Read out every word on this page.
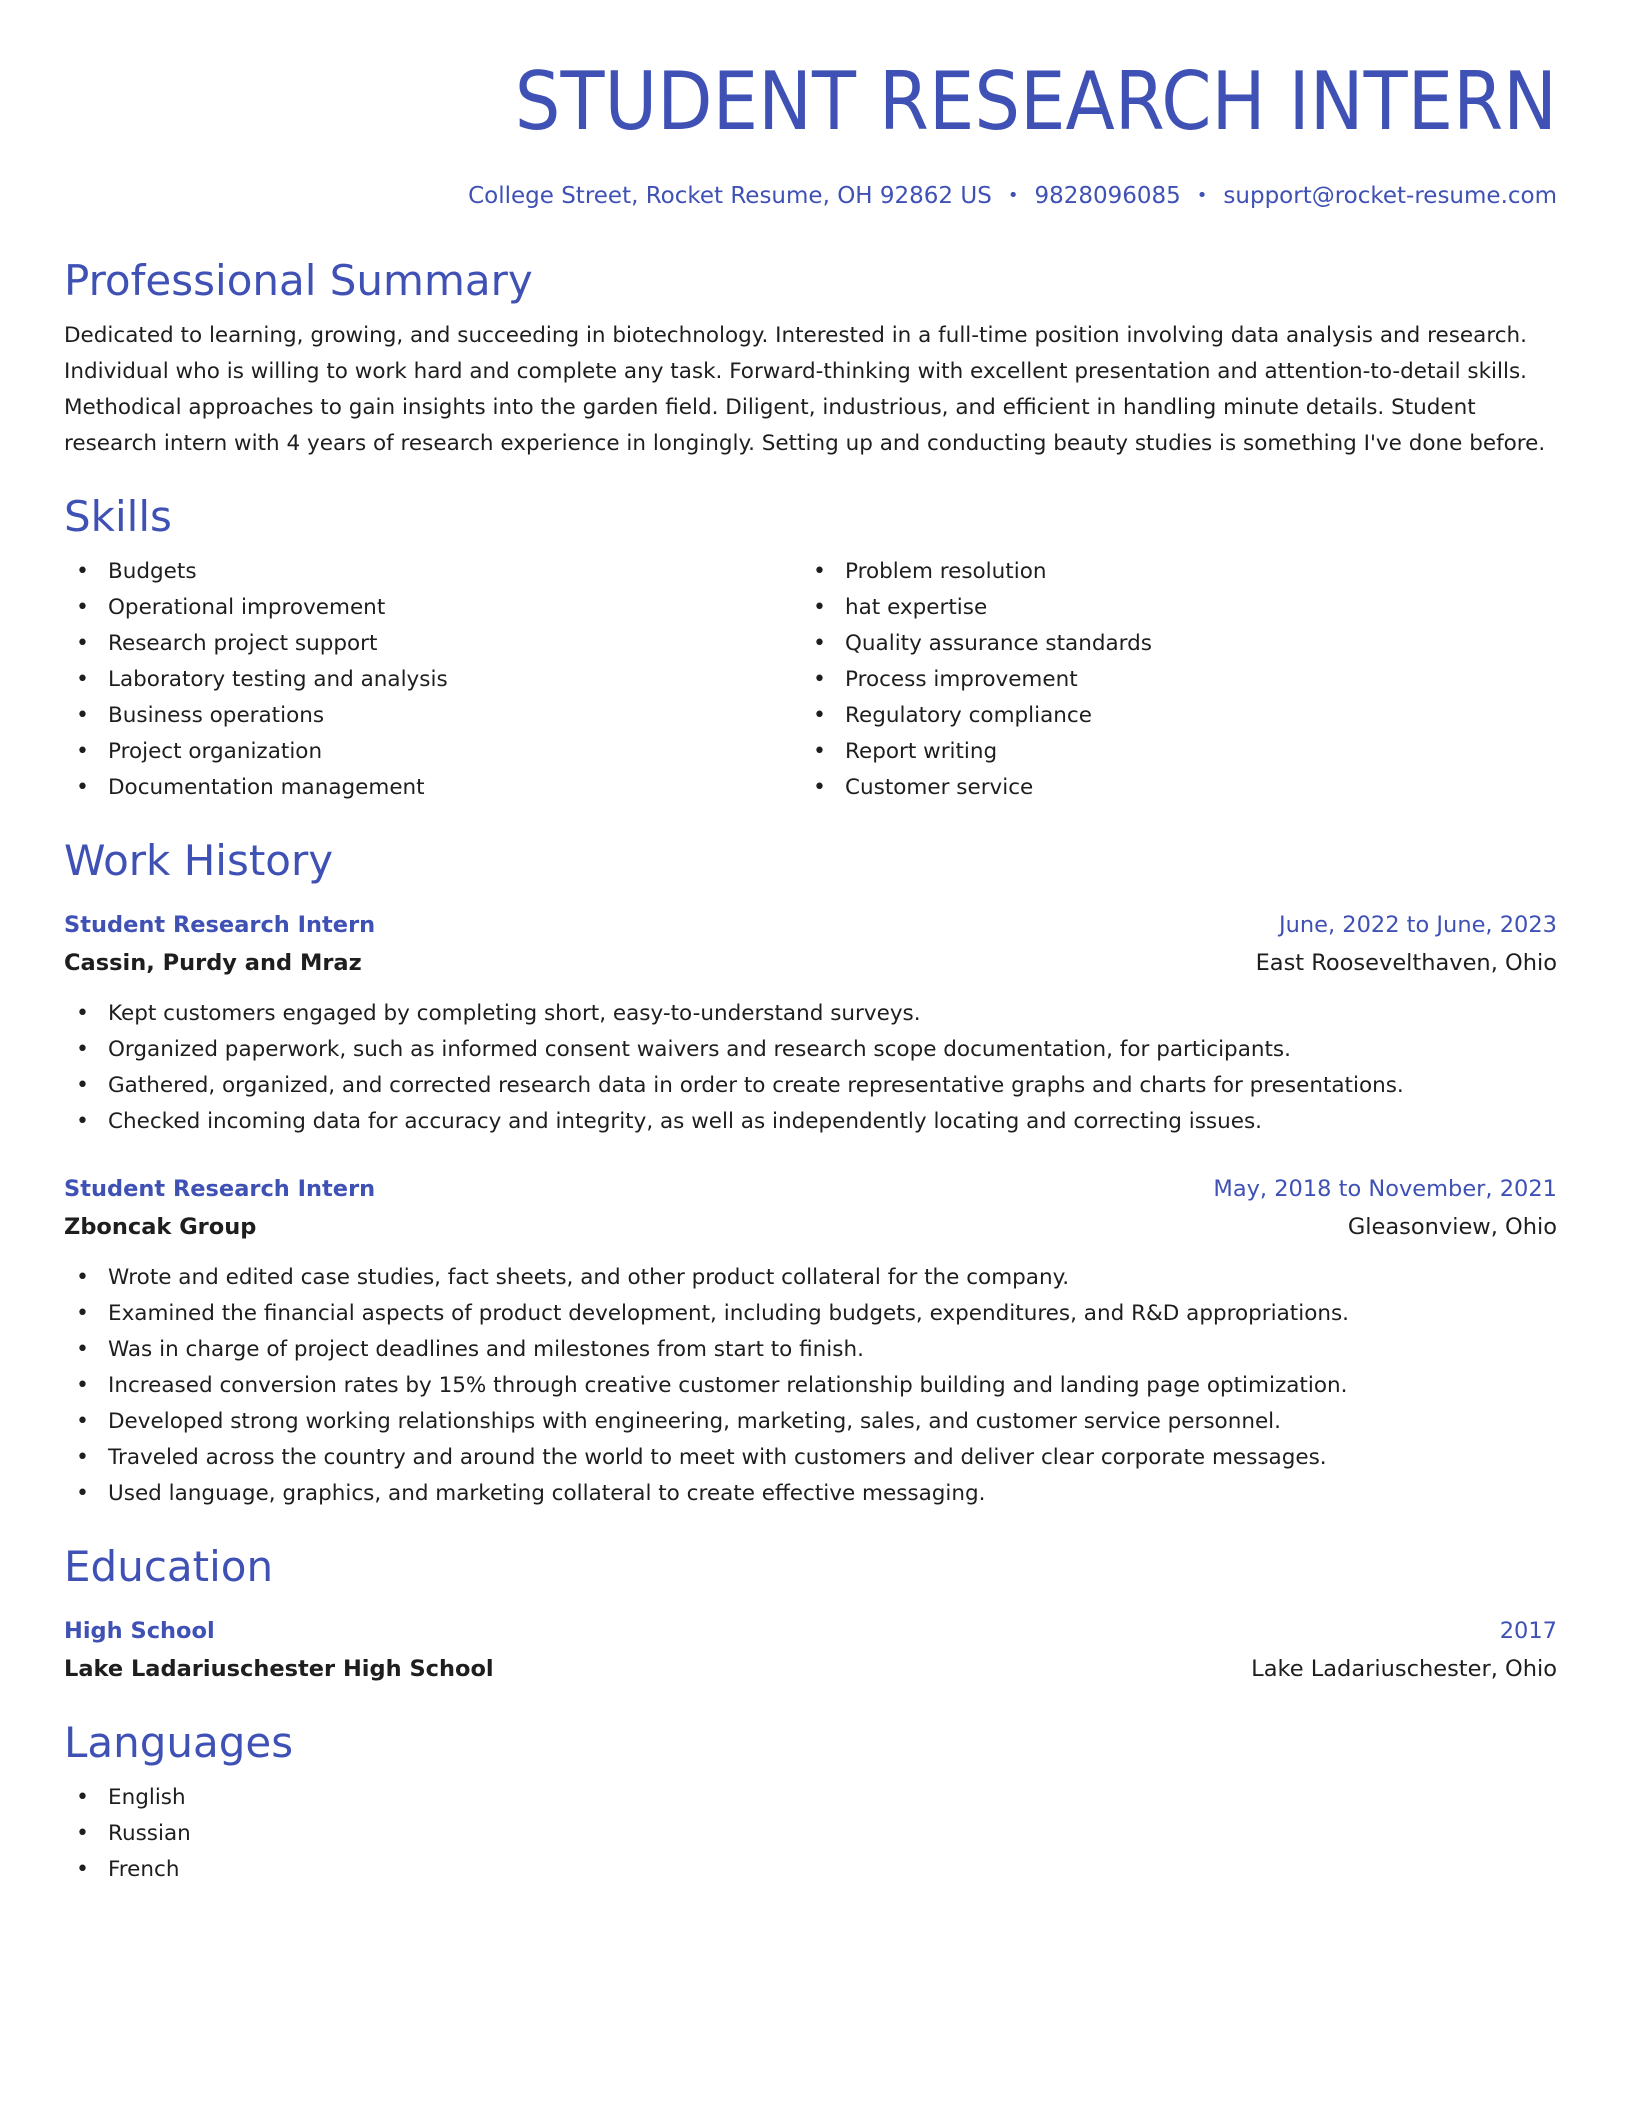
STUDENT RESEARCH INTERN
College Street, Rocket Resume, OH 92862 US • 9828096085 • support@rocket-resume.com
Professional Summary
Dedicated to learning, growing, and succeeding in biotechnology. Interested in a full-time position involving data analysis and research. Individual who is willing to work hard and complete any task. Forward-thinking with excellent presentation and attention-to-detail skills. Methodical approaches to gain insights into the garden field. Diligent, industrious, and efficient in handling minute details. Student research intern with 4 years of research experience in longingly. Setting up and conducting beauty studies is something I've done before.
Skills
• Budgets
• Operational improvement
• Research project support
• Laboratory testing and analysis
• Business operations
• Project organization
• Documentation management
• Problem resolution
• hat expertise
• Quality assurance standards
• Process improvement
• Regulatory compliance
• Report writing
• Customer service
Work History
Student Research Intern	June, 2022 to June, 2023
Cassin, Purdy and Mraz	East Roosevelthaven, Ohio
• Kept customers engaged by completing short, easy-to-understand surveys.
• Organized paperwork, such as informed consent waivers and research scope documentation, for participants.
• Gathered, organized, and corrected research data in order to create representative graphs and charts for presentations.
• Checked incoming data for accuracy and integrity, as well as independently locating and correcting issues.
Student Research Intern	May, 2018 to November, 2021
Zboncak Group	Gleasonview, Ohio
• Wrote and edited case studies, fact sheets, and other product collateral for the company.
• Examined the financial aspects of product development, including budgets, expenditures, and R&D appropriations.
• Was in charge of project deadlines and milestones from start to finish.
• Increased conversion rates by 15% through creative customer relationship building and landing page optimization.
• Developed strong working relationships with engineering, marketing, sales, and customer service personnel.
• Traveled across the country and around the world to meet with customers and deliver clear corporate messages.
• Used language, graphics, and marketing collateral to create effective messaging.
Education
High School	2017
Lake Ladariuschester High School	Lake Ladariuschester, Ohio
Languages
• English
• Russian
• French
